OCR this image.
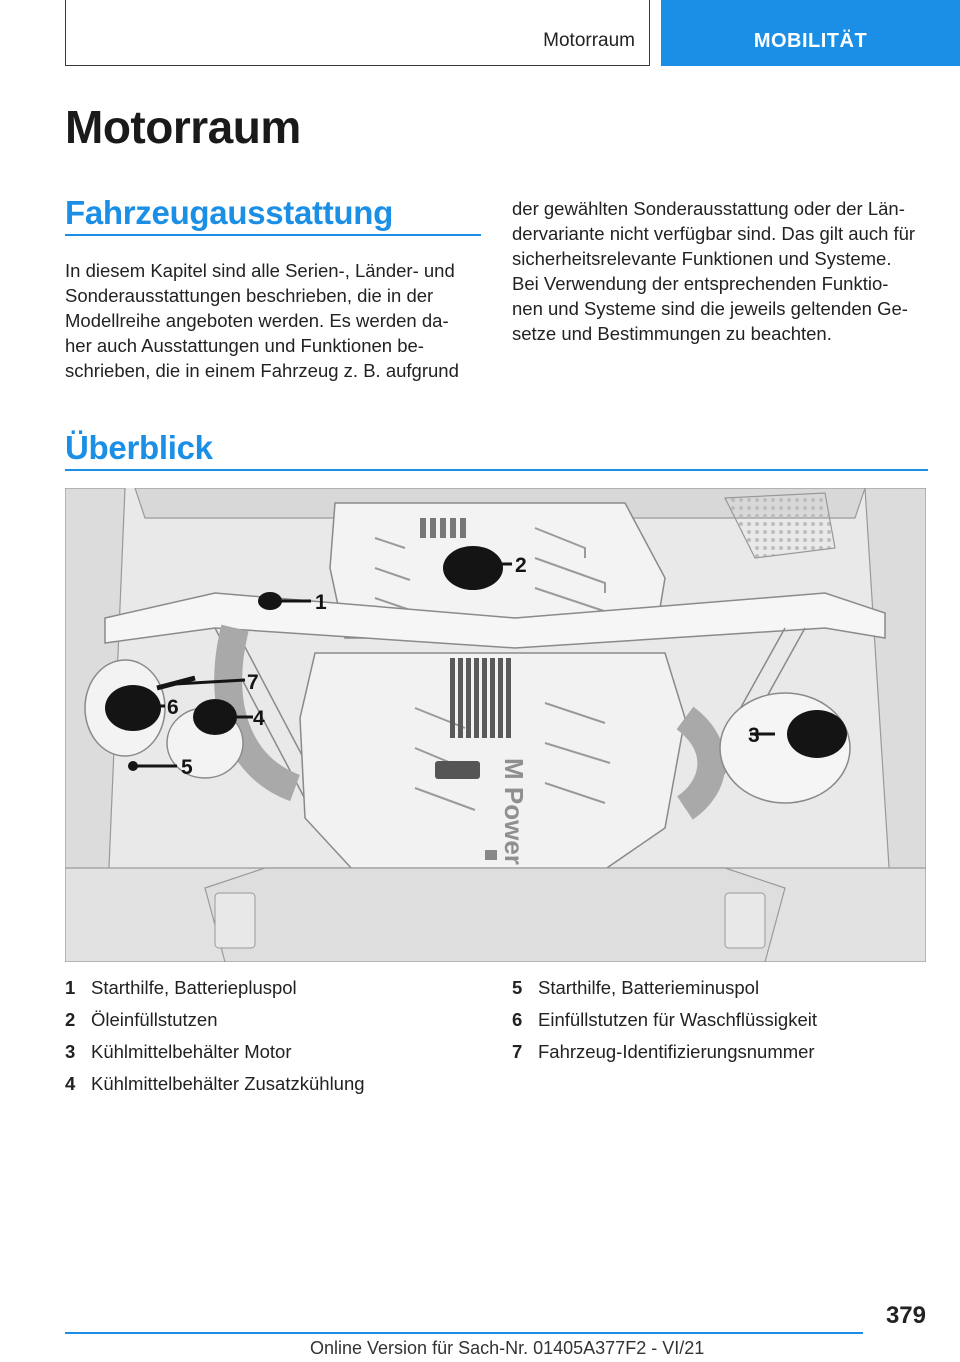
Motorraum	MOBILITÄT
Motorraum
Fahrzeugausstattung
In diesem Kapitel sind alle Serien-, Länder- und
Sonderausstattungen beschrieben, die in der
Modellreihe angeboten werden. Es werden da-
her auch Ausstattungen und Funktionen be-
schrieben, die in einem Fahrzeug z. B. aufgrund
der gewählten Sonderausstattung oder der Län-
dervariante nicht verfügbar sind. Das gilt auch für
sicherheitsrelevante Funktionen und Systeme.
Bei Verwendung der entsprechenden Funktio-
nen und Systeme sind die jeweils geltenden Ge-
setze und Bestimmungen zu beachten.
Überblick
M Power
2
1
3
4
6
5
7
1 Starthilfe, Batteriepluspol
2 Öleinfüllstutzen
3 Kühlmittelbehälter Motor
4 Kühlmittelbehälter Zusatzkühlung
5 Starthilfe, Batterieminuspol
6 Einfüllstutzen für Waschflüssigkeit
7 Fahrzeug-Identifizierungsnummer
379
Online Version für Sach-Nr. 01405A377F2 - VI/21
